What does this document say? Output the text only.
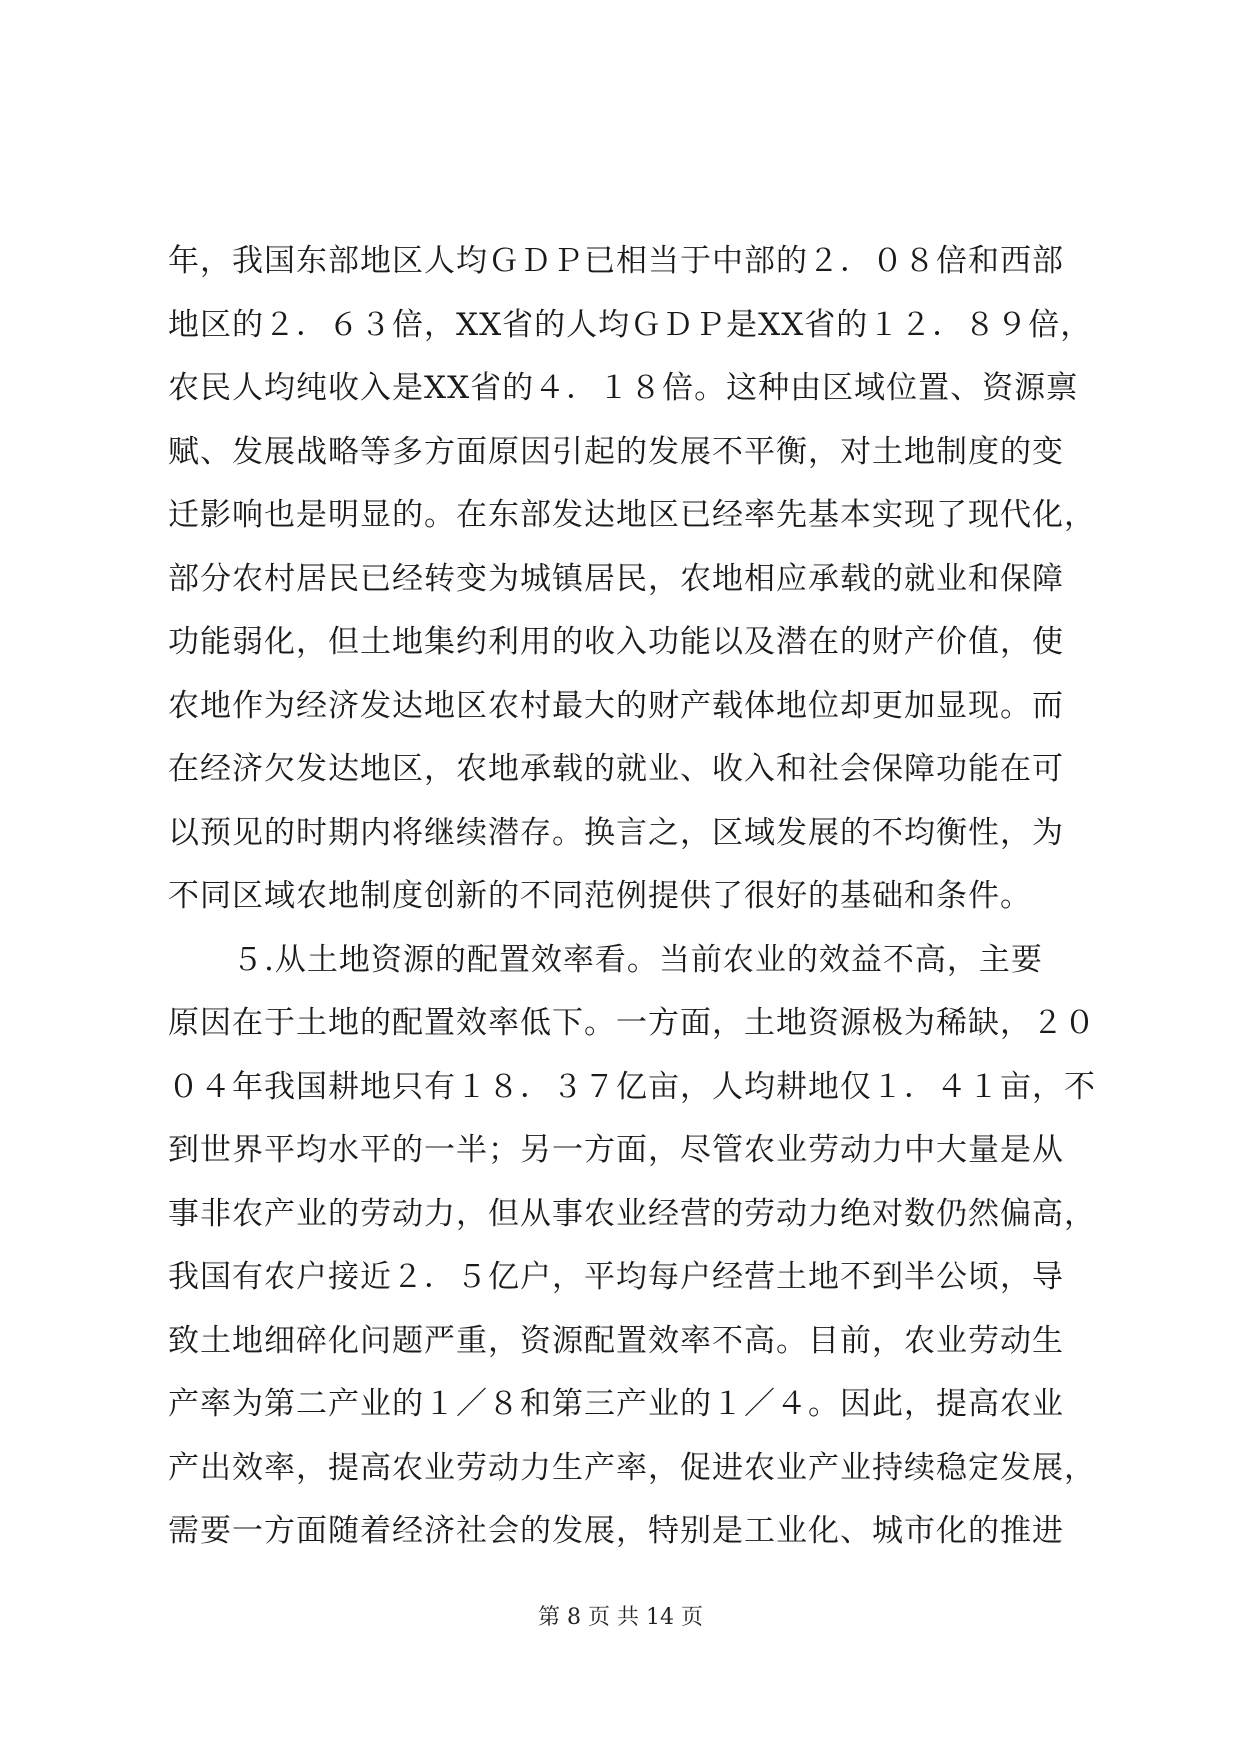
年，我国东部地区人均ＧＤＰ已相当于中部的２．０８倍和西部
地区的２．６３倍，XX省的人均ＧＤＰ是XX省的１２．８９倍，
农民人均纯收入是XX省的４．１８倍。这种由区域位置、资源禀
赋、发展战略等多方面原因引起的发展不平衡，对土地制度的变
迁影响也是明显的。在东部发达地区已经率先基本实现了现代化，
部分农村居民已经转变为城镇居民，农地相应承载的就业和保障
功能弱化，但土地集约利用的收入功能以及潜在的财产价值，使
农地作为经济发达地区农村最大的财产载体地位却更加显现。而
在经济欠发达地区，农地承载的就业、收入和社会保障功能在可
以预见的时期内将继续潜存。换言之，区域发展的不均衡性，为
不同区域农地制度创新的不同范例提供了很好的基础和条件。
　　５.从土地资源的配置效率看。当前农业的效益不高，主要
原因在于土地的配置效率低下。一方面，土地资源极为稀缺，２０
０４年我国耕地只有１８．３７亿亩，人均耕地仅１．４１亩，不
到世界平均水平的一半；另一方面，尽管农业劳动力中大量是从
事非农产业的劳动力，但从事农业经营的劳动力绝对数仍然偏高，
我国有农户接近２．５亿户，平均每户经营土地不到半公顷，导
致土地细碎化问题严重，资源配置效率不高。目前，农业劳动生
产率为第二产业的１／８和第三产业的１／４。因此，提高农业
产出效率，提高农业劳动力生产率，促进农业产业持续稳定发展，
需要一方面随着经济社会的发展，特别是工业化、城市化的推进
第 8 页 共 14 页
